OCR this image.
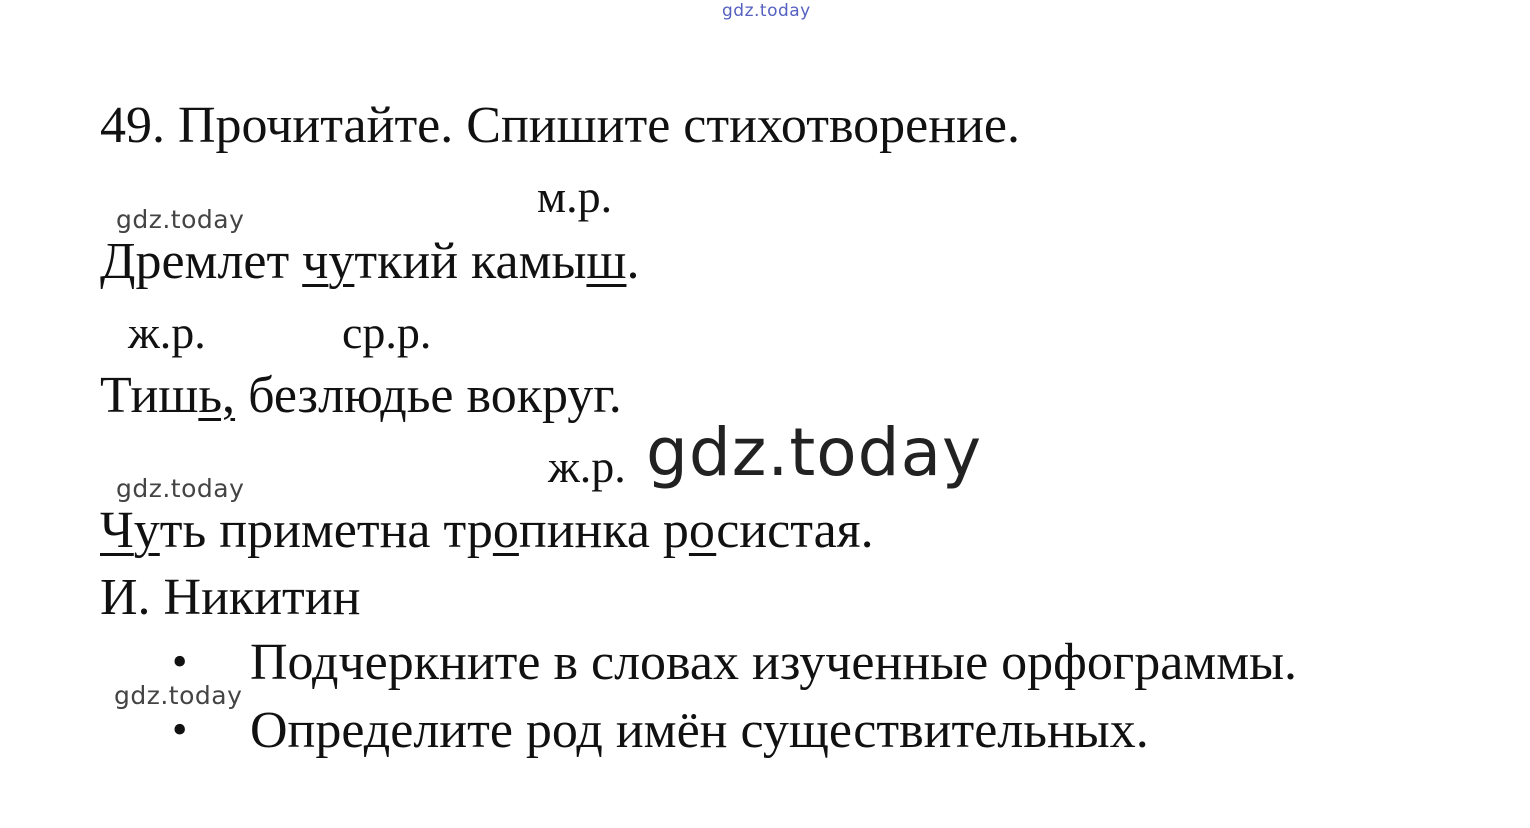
gdz.today
gdz.today
gdz.today
gdz.today
gdz.today
49. Прочитайте. Спишите стихотворение.
м.р.
Дремлет чуткий камыш.
ж.р.	ср.р.
Тишь, безлюдье вокруг.
ж.р.
Чуть приметна тропинка росистая.
И. Никитин
• Подчеркните в словах изученные орфограммы.
• Определите род имён существительных.
